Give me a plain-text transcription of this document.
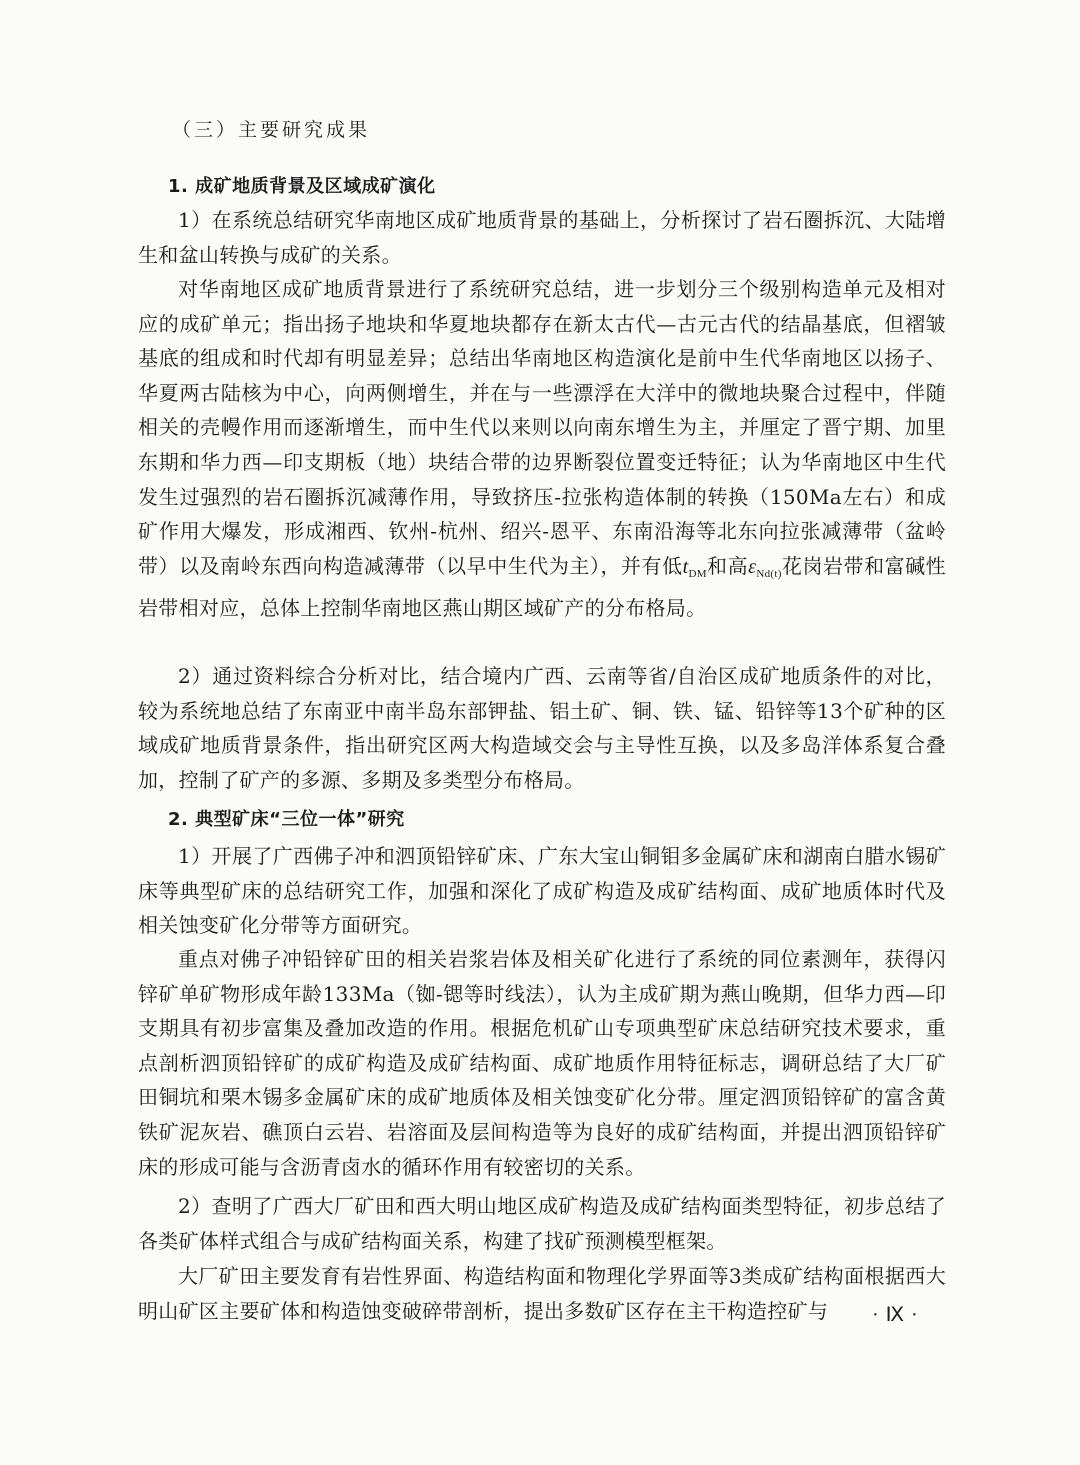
（三）主要研究成果
1. 成矿地质背景及区域成矿演化

1）在系统总结研究华南地区成矿地质背景的基础上，分析探讨了岩石圈拆沉、大陆增生和盆山转换与成矿的关系。

对华南地区成矿地质背景进行了系统研究总结，进一步划分三个级别构造单元及相对应的成矿单元；指出扬子地块和华夏地块都存在新太古代—古元古代的结晶基底，但褶皱基底的组成和时代却有明显差异；总结出华南地区构造演化是前中生代华南地区以扬子、华夏两古陆核为中心，向两侧增生，并在与一些漂浮在大洋中的微地块聚合过程中，伴随相关的壳幔作用而逐渐增生，而中生代以来则以向南东增生为主，并厘定了晋宁期、加里东期和华力西—印支期板（地）块结合带的边界断裂位置变迁特征；认为华南地区中生代发生过强烈的岩石圈拆沉减薄作用，导致挤压-拉张构造体制的转换（150Ma左右）和成矿作用大爆发，形成湘西、钦州-杭州、绍兴-恩平、东南沿海等北东向拉张减薄带（盆岭带）以及南岭东西向构造减薄带（以早中生代为主），并有低$t_{DM}$和高$\varepsilon_{Nd(t)}$花岗岩带和富碱性岩带相对应，总体上控制华南地区燕山期区域矿产的分布格局。

2）通过资料综合分析对比，结合境内广西、云南等省/自治区成矿地质条件的对比，较为系统地总结了东南亚中南半岛东部钾盐、铝土矿、铜、铁、锰、铅锌等13个矿种的区域成矿地质背景条件，指出研究区两大构造域交会与主导性互换，以及多岛洋体系复合叠加，控制了矿产的多源、多期及多类型分布格局。

2. 典型矿床“三位一体”研究

1）开展了广西佛子冲和泗顶铅锌矿床、广东大宝山铜钼多金属矿床和湖南白腊水锡矿床等典型矿床的总结研究工作，加强和深化了成矿构造及成矿结构面、成矿地质体时代及相关蚀变矿化分带等方面研究。

重点对佛子冲铅锌矿田的相关岩浆岩体及相关矿化进行了系统的同位素测年，获得闪锌矿单矿物形成年龄133Ma（铷-锶等时线法），认为主成矿期为燕山晚期，但华力西—印支期具有初步富集及叠加改造的作用。根据危机矿山专项典型矿床总结研究技术要求，重点剖析泗顶铅锌矿的成矿构造及成矿结构面、成矿地质作用特征标志，调研总结了大厂矿田铜坑和栗木锡多金属矿床的成矿地质体及相关蚀变矿化分带。厘定泗顶铅锌矿的富含黄铁矿泥灰岩、礁顶白云岩、岩溶面及层间构造等为良好的成矿结构面，并提出泗顶铅锌矿床的形成可能与含沥青卤水的循环作用有较密切的关系。

2）查明了广西大厂矿田和西大明山地区成矿构造及成矿结构面类型特征，初步总结了各类矿体样式组合与成矿结构面关系，构建了找矿预测模型框架。

大厂矿田主要发育有岩性界面、构造结构面和物理化学界面等3类成矿结构面根据西大明山矿区主要矿体和构造蚀变破碎带剖析，提出多数矿区存在主干构造控矿与	· Ⅸ ·
